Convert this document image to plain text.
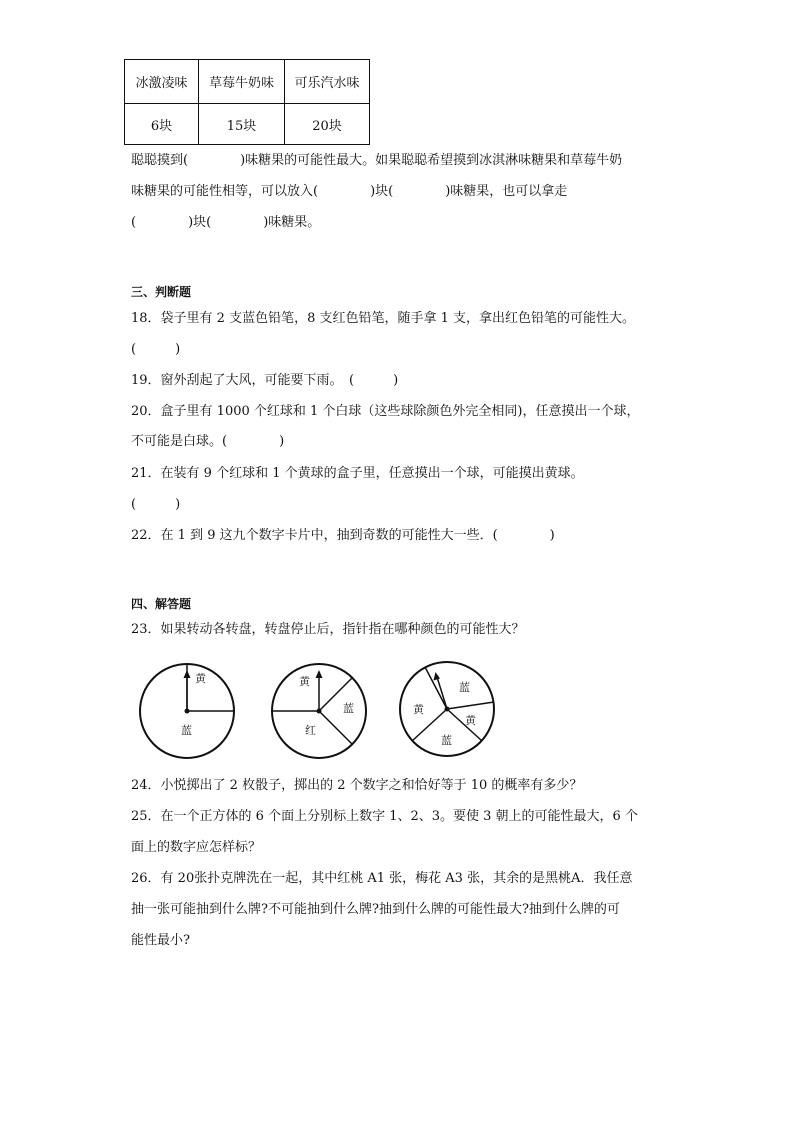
冰激凌味	草莓牛奶味	可乐汽水味
6块	15块	20块
聪聪摸到(　　　　)味糖果的可能性最大。如果聪聪希望摸到冰淇淋味糖果和草莓牛奶
味糖果的可能性相等，可以放入(　　　　)块(　　　　)味糖果，也可以拿走
(　　　　)块(　　　　)味糖果。
三、判断题
18．袋子里有 2 支蓝色铅笔，8 支红色铅笔，随手拿 1 支，拿出红色铅笔的可能性大。
(　　　)
19．窗外刮起了大风，可能要下雨。　(　　　)
20．盒子里有 1000 个红球和 1 个白球（这些球除颜色外完全相同)，任意摸出一个球，
不可能是白球。(　　　　)
21．在装有 9 个红球和 1 个黄球的盒子里，任意摸出一个球，可能摸出黄球。
(　　　)
22．在 1 到 9 这九个数字卡片中，抽到奇数的可能性大一些．(　　　　)
四、解答题
23．如果转动各转盘，转盘停止后，指针指在哪种颜色的可能性大？
黄
蓝
黄
蓝
红
蓝
黄
黄
蓝
24．小悦掷出了 2 枚骰子，掷出的 2 个数字之和恰好等于 10 的概率有多少？
25．在一个正方体的 6 个面上分别标上数字 1、2、3。要使 3 朝上的可能性最大，6 个
面上的数字应怎样标？
26．有 20张扑克牌洗在一起，其中红桃 A1 张，梅花 A3 张，其余的是黑桃A．我任意
抽一张可能抽到什么牌?不可能抽到什么牌?抽到什么牌的可能性最大?抽到什么牌的可
能性最小?
